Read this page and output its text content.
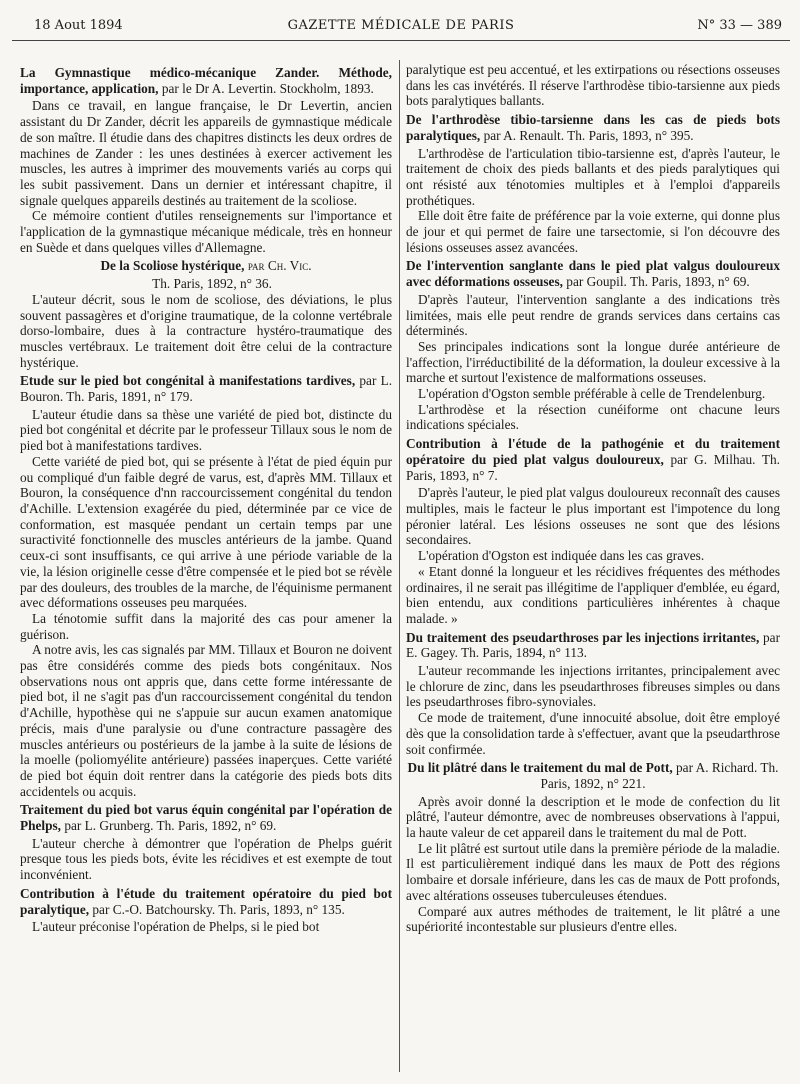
18 Aout 1894	GAZETTE MÉDICALE DE PARIS	N° 33 — 389
La Gymnastique médico-mécanique Zander. Méthode, importance, application, par le Dr A. Levertin. Stockholm, 1893.

Dans ce travail, en langue française, le Dr Levertin, ancien assistant du Dr Zander, décrit les appareils de gymnastique médicale de son maître. Il étudie dans des chapitres distincts les deux ordres de machines de Zander : les unes destinées à exercer activement les muscles, les autres à imprimer des mouvements variés au corps qui les subit passivement. Dans un dernier et intéressant chapitre, il signale quelques appareils destinés au traitement de la scoliose.

Ce mémoire contient d'utiles renseignements sur l'importance et l'application de la gymnastique mécanique médicale, très en honneur en Suède et dans quelques villes d'Allemagne.

De la Scoliose hystérique, par Ch. Vic.

Th. Paris, 1892, n° 36.

L'auteur décrit, sous le nom de scoliose, des déviations, le plus souvent passagères et d'origine traumatique, de la colonne vertébrale dorso-lombaire, dues à la contracture hystéro-traumatique des muscles vertébraux. Le traitement doit être celui de la contracture hystérique.

Etude sur le pied bot congénital à manifestations tardives, par L. Bouron. Th. Paris, 1891, n° 179.

L'auteur étudie dans sa thèse une variété de pied bot, distincte du pied bot congénital et décrite par le professeur Tillaux sous le nom de pied bot à manifestations tardives.

Cette variété de pied bot, qui se présente à l'état de pied équin pur ou compliqué d'un faible degré de varus, est, d'après MM. Tillaux et Bouron, la conséquence d'nn raccourcissement congénital du tendon d'Achille. L'extension exagérée du pied, déterminée par ce vice de conformation, est masquée pendant un certain temps par une suractivité fonctionnelle des muscles antérieurs de la jambe. Quand ceux-ci sont insuffisants, ce qui arrive à une période variable de la vie, la lésion originelle cesse d'être compensée et le pied bot se révèle par des douleurs, des troubles de la marche, de l'équinisme permanent avec déformations osseuses peu marquées.

La ténotomie suffit dans la majorité des cas pour amener la guérison.

A notre avis, les cas signalés par MM. Tillaux et Bouron ne doivent pas être considérés comme des pieds bots congénitaux. Nos observations nous ont appris que, dans cette forme intéressante de pied bot, il ne s'agit pas d'un raccourcissement congénital du tendon d'Achille, hypothèse qui ne s'appuie sur aucun examen anatomique précis, mais d'une paralysie ou d'une contracture passagère des muscles antérieurs ou postérieurs de la jambe à la suite de lésions de la moelle (poliomyélite antérieure) passées inaperçues. Cette variété de pied bot équin doit rentrer dans la catégorie des pieds bots dits accidentels ou acquis.

Traitement du pied bot varus équin congénital par l'opération de Phelps, par L. Grunberg. Th. Paris, 1892, n° 69.

L'auteur cherche à démontrer que l'opération de Phelps guérit presque tous les pieds bots, évite les récidives et est exempte de tout inconvénient.

Contribution à l'étude du traitement opératoire du pied bot paralytique, par C.-O. Batchoursky. Th. Paris, 1893, n° 135.

L'auteur préconise l'opération de Phelps, si le pied bot

paralytique est peu accentué, et les extirpations ou résections osseuses dans les cas invétérés. Il réserve l'arthrodèse tibio-tarsienne aux pieds bots paralytiques ballants.

De l'arthrodèse tibio-tarsienne dans les cas de pieds bots paralytiques, par A. Renault. Th. Paris, 1893, n° 395.

L'arthrodèse de l'articulation tibio-tarsienne est, d'après l'auteur, le traitement de choix des pieds ballants et des pieds paralytiques qui ont résisté aux ténotomies multiples et à l'emploi d'appareils prothétiques.

Elle doit être faite de préférence par la voie externe, qui donne plus de jour et qui permet de faire une tarsectomie, si l'on découvre des lésions osseuses assez avancées.

De l'intervention sanglante dans le pied plat valgus douloureux avec déformations osseuses, par Goupil. Th. Paris, 1893, n° 69.

D'après l'auteur, l'intervention sanglante a des indications très limitées, mais elle peut rendre de grands services dans certains cas déterminés.

Ses principales indications sont la longue durée antérieure de l'affection, l'irréductibilité de la déformation, la douleur excessive à la marche et surtout l'existence de malformations osseuses.

L'opération d'Ogston semble préférable à celle de Trendelenburg.

L'arthrodèse et la résection cunéiforme ont chacune leurs indications spéciales.

Contribution à l'étude de la pathogénie et du traitement opératoire du pied plat valgus douloureux, par G. Milhau. Th. Paris, 1893, n° 7.

D'après l'auteur, le pied plat valgus douloureux reconnaît des causes multiples, mais le facteur le plus important est l'impotence du long péronier latéral. Les lésions osseuses ne sont que des lésions secondaires.

L'opération d'Ogston est indiquée dans les cas graves.

« Etant donné la longueur et les récidives fréquentes des méthodes ordinaires, il ne serait pas illégitime de l'appliquer d'emblée, eu égard, bien entendu, aux conditions particulières inhérentes à chaque malade. »

Du traitement des pseudarthroses par les injections irritantes, par E. Gagey. Th. Paris, 1894, n° 113.

L'auteur recommande les injections irritantes, principalement avec le chlorure de zinc, dans les pseudarthroses fibreuses simples ou dans les pseudarthroses fibro-synoviales.

Ce mode de traitement, d'une innocuité absolue, doit être employé dès que la consolidation tarde à s'effectuer, avant que la pseudarthrose soit confirmée.

Du lit plâtré dans le traitement du mal de Pott, par A. Richard. Th. Paris, 1892, n° 221.

Après avoir donné la description et le mode de confection du lit plâtré, l'auteur démontre, avec de nombreuses observations à l'appui, la haute valeur de cet appareil dans le traitement du mal de Pott.

Le lit plâtré est surtout utile dans la première période de la maladie. Il est particulièrement indiqué dans les maux de Pott des régions lombaire et dorsale inférieure, dans les cas de maux de Pott profonds, avec altérations osseuses tuberculeuses étendues.

Comparé aux autres méthodes de traitement, le lit plâtré a une supériorité incontestable sur plusieurs d'entre elles.
